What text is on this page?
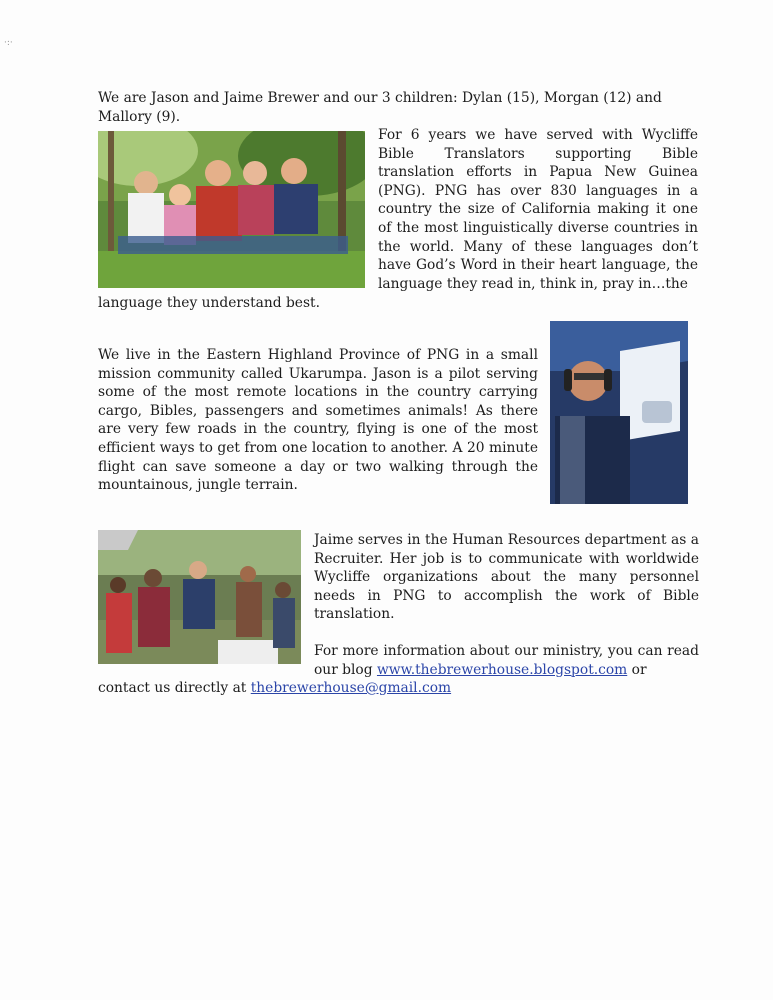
·:·
We are Jason and Jaime Brewer and our 3 children: Dylan (15), Morgan (12) and Mallory (9).
For 6 years we have served with Wycliffe Bible Translators supporting Bible translation efforts in Papua New Guinea (PNG). PNG has over 830 languages in a country the size of California making it one of the most linguistically diverse countries in the world. Many of these languages don’t have God’s Word in their heart language, the language they read in, think in, pray in…the
language they understand best.
We live in the Eastern Highland Province of PNG in a small mission community called Ukarumpa. Jason is a pilot serving some of the most remote locations in the country carrying cargo, Bibles, passengers and sometimes animals! As there are very few roads in the country, flying is one of the most efficient ways to get from one location to another. A 20 minute flight can save someone a day or two walking through the mountainous, jungle terrain.
Jaime serves in the Human Resources department as a Recruiter. Her job is to communicate with worldwide Wycliffe organizations about the many personnel needs in PNG to accomplish the work of Bible translation.
For more information about our ministry, you can read our blog www.thebrewerhouse.blogspot.com or
contact us directly at thebrewerhouse@gmail.com
